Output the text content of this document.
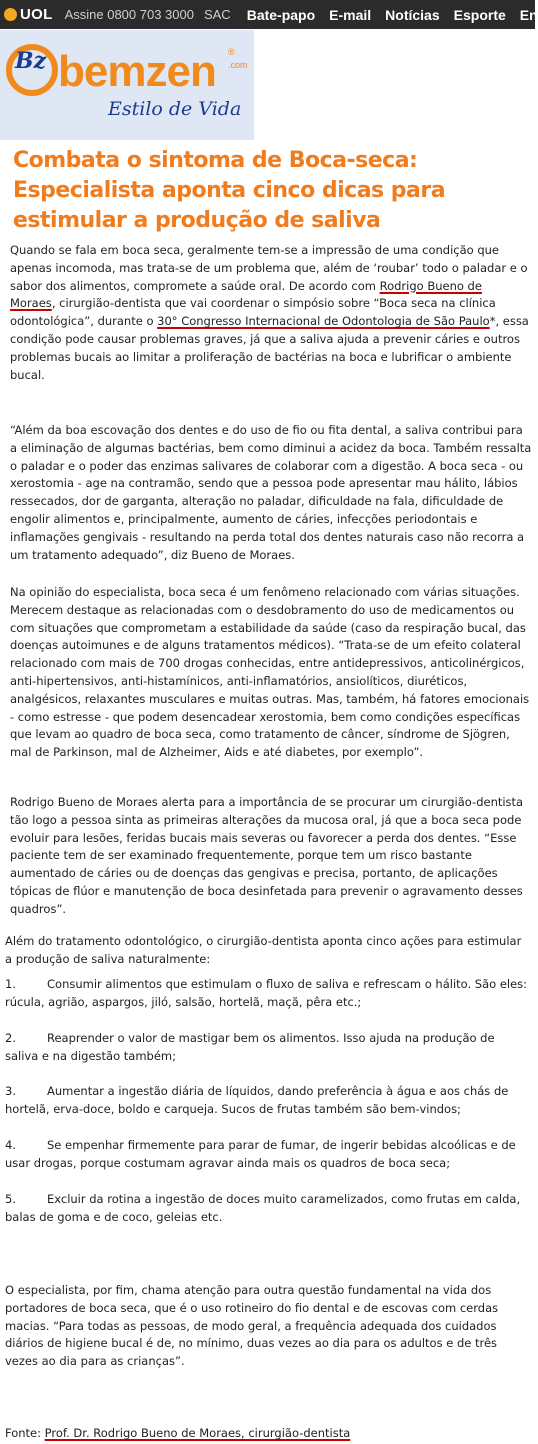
UOL Assine 0800 703 3000 SAC Bate-papo E-mail Notícias Esporte En
Bz bemzen ®
.com
Estilo de Vida
Combata o sintoma de Boca-seca: Especialista aponta cinco dicas para estimular a produção de saliva

Quando se fala em boca seca, geralmente tem-se a impressão de uma condição que apenas incomoda, mas trata-se de um problema que, além de ‘roubar’ todo o paladar e o sabor dos alimentos, compromete a saúde oral. De acordo com Rodrigo Bueno de Moraes, cirurgião-dentista que vai coordenar o simpósio sobre “Boca seca na clínica odontológica”, durante o 30° Congresso Internacional de Odontologia de São Paulo*, essa condição pode causar problemas graves, já que a saliva ajuda a prevenir cáries e outros problemas bucais ao limitar a proliferação de bactérias na boca e lubrificar o ambiente bucal.

“Além da boa escovação dos dentes e do uso de fio ou fita dental, a saliva contribui para a eliminação de algumas bactérias, bem como diminui a acidez da boca. Também ressalta o paladar e o poder das enzimas salivares de colaborar com a digestão. A boca seca - ou xerostomia - age na contramão, sendo que a pessoa pode apresentar mau hálito, lábios ressecados, dor de garganta, alteração no paladar, dificuldade na fala, dificuldade de engolir alimentos e, principalmente, aumento de cáries, infecções periodontais e inflamações gengivais - resultando na perda total dos dentes naturais caso não recorra a um tratamento adequado”, diz Bueno de Moraes.

Na opinião do especialista, boca seca é um fenômeno relacionado com várias situações. Merecem destaque as relacionadas com o desdobramento do uso de medicamentos ou com situações que comprometam a estabilidade da saúde (caso da respiração bucal, das doenças autoimunes e de alguns tratamentos médicos). “Trata-se de um efeito colateral relacionado com mais de 700 drogas conhecidas, entre antidepressivos, anticolinérgicos, anti-hipertensivos, anti-histamínicos, anti-inflamatórios, ansiolíticos, diuréticos, analgésicos, relaxantes musculares e muitas outras. Mas, também, há fatores emocionais - como estresse - que podem desencadear xerostomia, bem como condições específicas que levam ao quadro de boca seca, como tratamento de câncer, síndrome de Sjögren, mal de Parkinson, mal de Alzheimer, Aids e até diabetes, por exemplo”.

Rodrigo Bueno de Moraes alerta para a importância de se procurar um cirurgião-dentista tão logo a pessoa sinta as primeiras alterações da mucosa oral, já que a boca seca pode evoluir para lesões, feridas bucais mais severas ou favorecer a perda dos dentes. “Esse paciente tem de ser examinado frequentemente, porque tem um risco bastante aumentado de cáries ou de doenças das gengivas e precisa, portanto, de aplicações tópicas de flúor e manutenção de boca desinfetada para prevenir o agravamento desses quadros”.

Além do tratamento odontológico, o cirurgião-dentista aponta cinco ações para estimular a produção de saliva naturalmente:

1.	Consumir alimentos que estimulam o fluxo de saliva e refrescam o hálito. São eles: rúcula, agrião, aspargos, jiló, salsão, hortelã, maçã, pêra etc.;

2.	Reaprender o valor de mastigar bem os alimentos. Isso ajuda na produção de saliva e na digestão também;

3.	Aumentar a ingestão diária de líquidos, dando preferência à água e aos chás de hortelã, erva-doce, boldo e carqueja. Sucos de frutas também são bem-vindos;

4.	Se empenhar firmemente para parar de fumar, de ingerir bebidas alcoólicas e de usar drogas, porque costumam agravar ainda mais os quadros de boca seca;

5.	Excluir da rotina a ingestão de doces muito caramelizados, como frutas em calda, balas de goma e de coco, geleias etc.

O especialista, por fim, chama atenção para outra questão fundamental na vida dos portadores de boca seca, que é o uso rotineiro do fio dental e de escovas com cerdas macias. “Para todas as pessoas, de modo geral, a frequência adequada dos cuidados diários de higiene bucal é de, no mínimo, duas vezes ao dia para os adultos e de três vezes ao dia para as crianças”.

Fonte: Prof. Dr. Rodrigo Bueno de Moraes, cirurgião-dentista
